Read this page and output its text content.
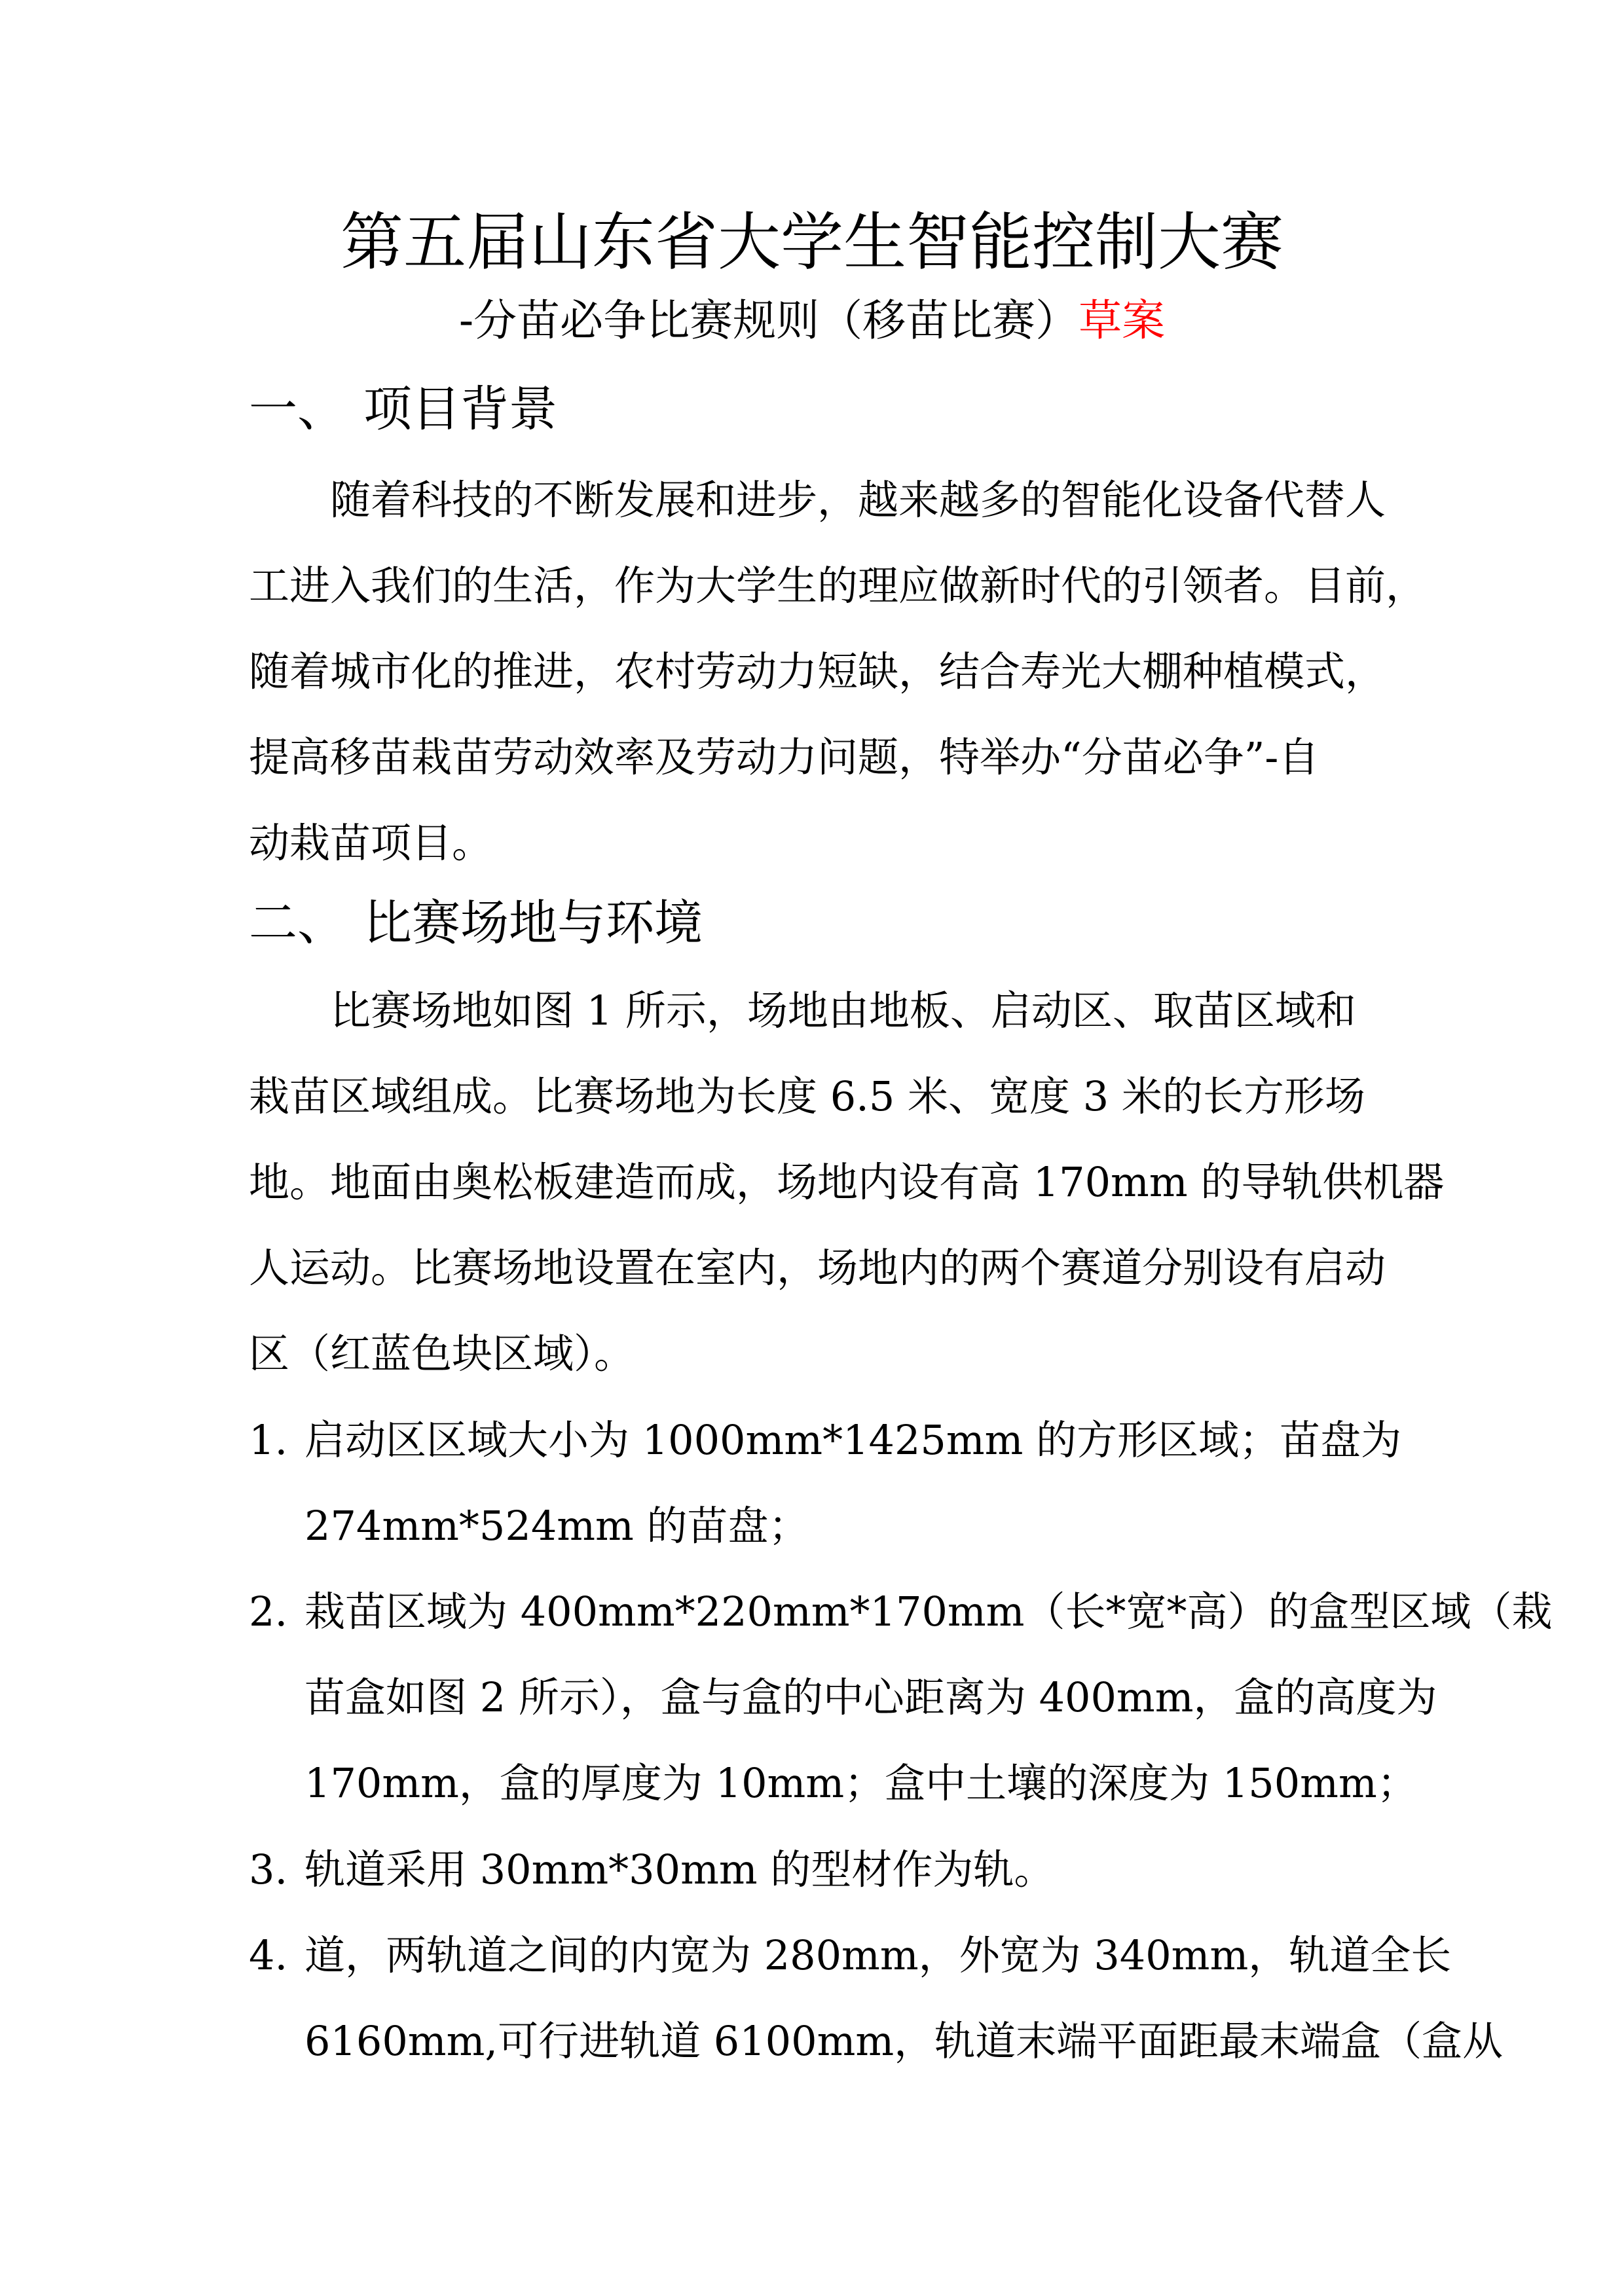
第五届山东省大学生智能控制大赛
-分苗必争比赛规则（移苗比赛）草案
一、 项目背景
随着科技的不断发展和进步，越来越多的智能化设备代替人
工进入我们的生活，作为大学生的理应做新时代的引领者。目前，
随着城市化的推进，农村劳动力短缺，结合寿光大棚种植模式，
提高移苗栽苗劳动效率及劳动力问题，特举办“分苗必争”-自
动栽苗项目。
二、 比赛场地与环境
比赛场地如图 1 所示，场地由地板、启动区、取苗区域和
栽苗区域组成。比赛场地为长度 6.5 米、宽度 3 米的长方形场
地。地面由奥松板建造而成，场地内设有高 170mm 的导轨供机器
人运动。比赛场地设置在室内，场地内的两个赛道分别设有启动
区（红蓝色块区域）。
1. 启动区区域大小为 1000mm*1425mm 的方形区域；苗盘为
274mm*524mm 的苗盘；
2. 栽苗区域为 400mm*220mm*170mm（长*宽*高）的盒型区域（栽
苗盒如图 2 所示），盒与盒的中心距离为 400mm，盒的高度为
170mm，盒的厚度为 10mm；盒中土壤的深度为 150mm；
3. 轨道采用 30mm*30mm 的型材作为轨。
4. 道，两轨道之间的内宽为 280mm，外宽为 340mm，轨道全长
6160mm,可行进轨道 6100mm，轨道末端平面距最末端盒（盒从
